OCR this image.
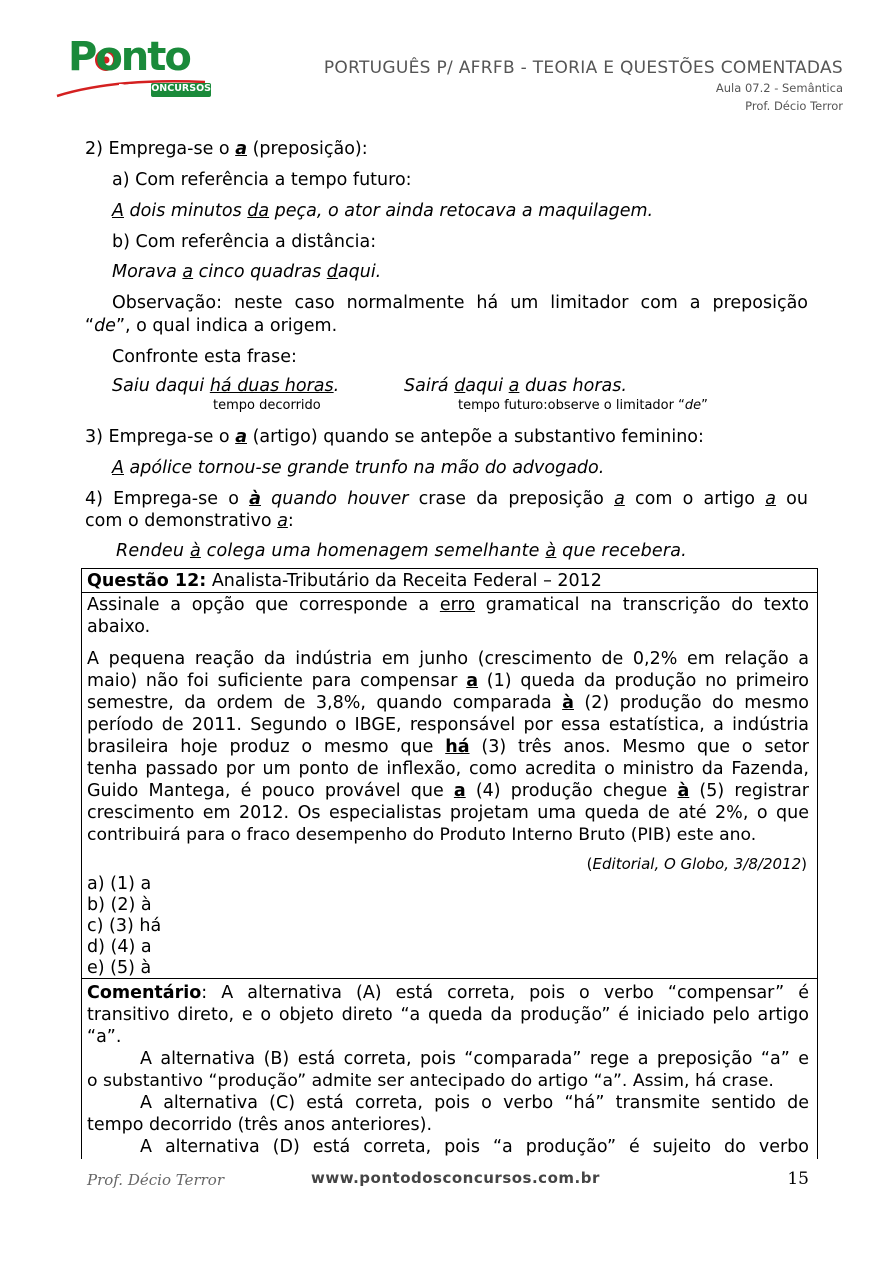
Ponto
DOS CONCURSOS
PORTUGUÊS P/ AFRFB - TEORIA E QUESTÕES COMENTADAS
Aula 07.2 - Semântica
Prof. Décio Terror
2) Emprega-se o a (preposição):
a) Com referência a tempo futuro:
A dois minutos da peça, o ator ainda retocava a maquilagem.
b) Com referência a distância:
Morava a cinco quadras daqui.
Observação: neste caso normalmente há um limitador com a preposição
“de”, o qual indica a origem.
Confronte esta frase:
Saiu daqui há duas horas.
tempo decorrido
Sairá daqui a duas horas.
tempo futuro:observe o limitador “de”
3) Emprega-se o a (artigo) quando se antepõe a substantivo feminino:
A apólice tornou-se grande trunfo na mão do advogado.
4) Emprega-se o à quando houver crase da preposição a com o artigo a ou
com o demonstrativo a:
Rendeu à colega uma homenagem semelhante à que recebera.
Questão 12: Analista-Tributário da Receita Federal – 2012
Assinale a opção que corresponde a erro gramatical na transcrição do texto
abaixo.
A pequena reação da indústria em junho (crescimento de 0,2% em relação a
maio) não foi suficiente para compensar a (1) queda da produção no primeiro
semestre, da ordem de 3,8%, quando comparada à (2) produção do mesmo
período de 2011. Segundo o IBGE, responsável por essa estatística, a indústria
brasileira hoje produz o mesmo que há (3) três anos. Mesmo que o setor
tenha passado por um ponto de inflexão, como acredita o ministro da Fazenda,
Guido Mantega, é pouco provável que a (4) produção chegue à (5) registrar
crescimento em 2012. Os especialistas projetam uma queda de até 2%, o que
contribuirá para o fraco desempenho do Produto Interno Bruto (PIB) este ano.
(Editorial, O Globo, 3/8/2012)
a) (1) a
b) (2) à
c) (3) há
d) (4) a
e) (5) à
Comentário: A alternativa (A) está correta, pois o verbo “compensar” é
transitivo direto, e o objeto direto “a queda da produção” é iniciado pelo artigo
“a”.
A alternativa (B) está correta, pois “comparada” rege a preposição “a” e
o substantivo “produção” admite ser antecipado do artigo “a”. Assim, há crase.
A alternativa (C) está correta, pois o verbo “há” transmite sentido de
tempo decorrido (três anos anteriores).
A alternativa (D) está correta, pois “a produção” é sujeito do verbo
Prof. Décio Terror	www.pontodosconcursos.com.br	15
